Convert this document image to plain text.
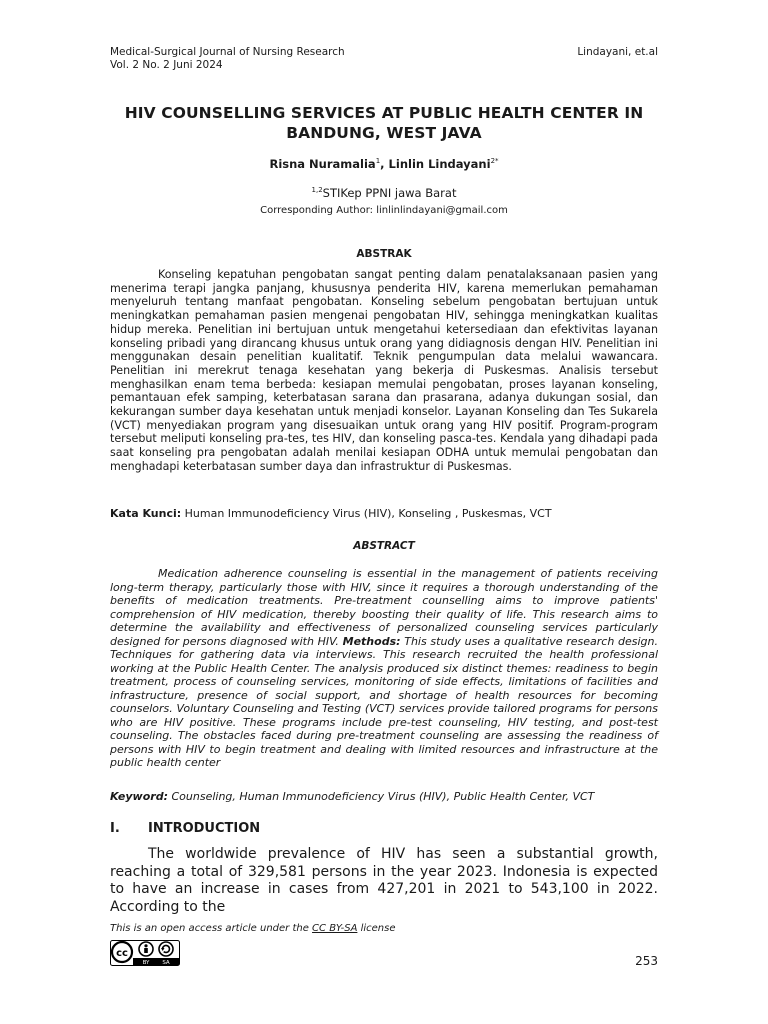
Medical-Surgical Journal of Nursing Research
Vol. 2 No. 2 Juni 2024
Lindayani, et.al
HIV COUNSELLING SERVICES AT PUBLIC HEALTH CENTER IN BANDUNG, WEST JAVA
Risna Nuramalia$^1$, Linlin Lindayani$^{2*}$
$^{1,2}$STIKep PPNI jawa Barat
Corresponding Author: linlinlindayani@gmail.com
ABSTRAK

Konseling kepatuhan pengobatan sangat penting dalam penatalaksanaan pasien yang menerima terapi jangka panjang, khususnya penderita HIV, karena memerlukan pemahaman menyeluruh tentang manfaat pengobatan. Konseling sebelum pengobatan bertujuan untuk meningkatkan pemahaman pasien mengenai pengobatan HIV, sehingga meningkatkan kualitas hidup mereka. Penelitian ini bertujuan untuk mengetahui ketersediaan dan efektivitas layanan konseling pribadi yang dirancang khusus untuk orang yang didiagnosis dengan HIV. Penelitian ini menggunakan desain penelitian kualitatif. Teknik pengumpulan data melalui wawancara. Penelitian ini merekrut tenaga kesehatan yang bekerja di Puskesmas. Analisis tersebut menghasilkan enam tema berbeda: kesiapan memulai pengobatan, proses layanan konseling, pemantauan efek samping, keterbatasan sarana dan prasarana, adanya dukungan sosial, dan kekurangan sumber daya kesehatan untuk menjadi konselor. Layanan Konseling dan Tes Sukarela (VCT) menyediakan program yang disesuaikan untuk orang yang HIV positif. Program-program tersebut meliputi konseling pra-tes, tes HIV, dan konseling pasca-tes. Kendala yang dihadapi pada saat konseling pra pengobatan adalah menilai kesiapan ODHA untuk memulai pengobatan dan menghadapi keterbatasan sumber daya dan infrastruktur di Puskesmas.

Kata Kunci: Human Immunodeficiency Virus (HIV), Konseling , Puskesmas, VCT
ABSTRACT

Medication adherence counseling is essential in the management of patients receiving long-term therapy, particularly those with HIV, since it requires a thorough understanding of the benefits of medication treatments. Pre-treatment counselling aims to improve patients' comprehension of HIV medication, thereby boosting their quality of life. This research aims to determine the availability and effectiveness of personalized counseling services particularly designed for persons diagnosed with HIV. Methods: This study uses a qualitative research design. Techniques for gathering data via interviews. This research recruited the health professional working at the Public Health Center. The analysis produced six distinct themes: readiness to begin treatment, process of counseling services, monitoring of side effects, limitations of facilities and infrastructure, presence of social support, and shortage of health resources for becoming counselors. Voluntary Counseling and Testing (VCT) services provide tailored programs for persons who are HIV positive. These programs include pre-test counseling, HIV testing, and post-test counseling. The obstacles faced during pre-treatment counseling are assessing the readiness of persons with HIV to begin treatment and dealing with limited resources and infrastructure at the public health center

Keyword: Counseling, Human Immunodeficiency Virus (HIV), Public Health Center, VCT
I. INTRODUCTION

The worldwide prevalence of HIV has seen a substantial growth, reaching a total of 329,581 persons in the year 2023. Indonesia is expected to have an increase in cases from 427,201 in 2021 to 543,100 in 2022. According to the

This is an open access article under the CC BY-SA license
cc
BY SA	253
